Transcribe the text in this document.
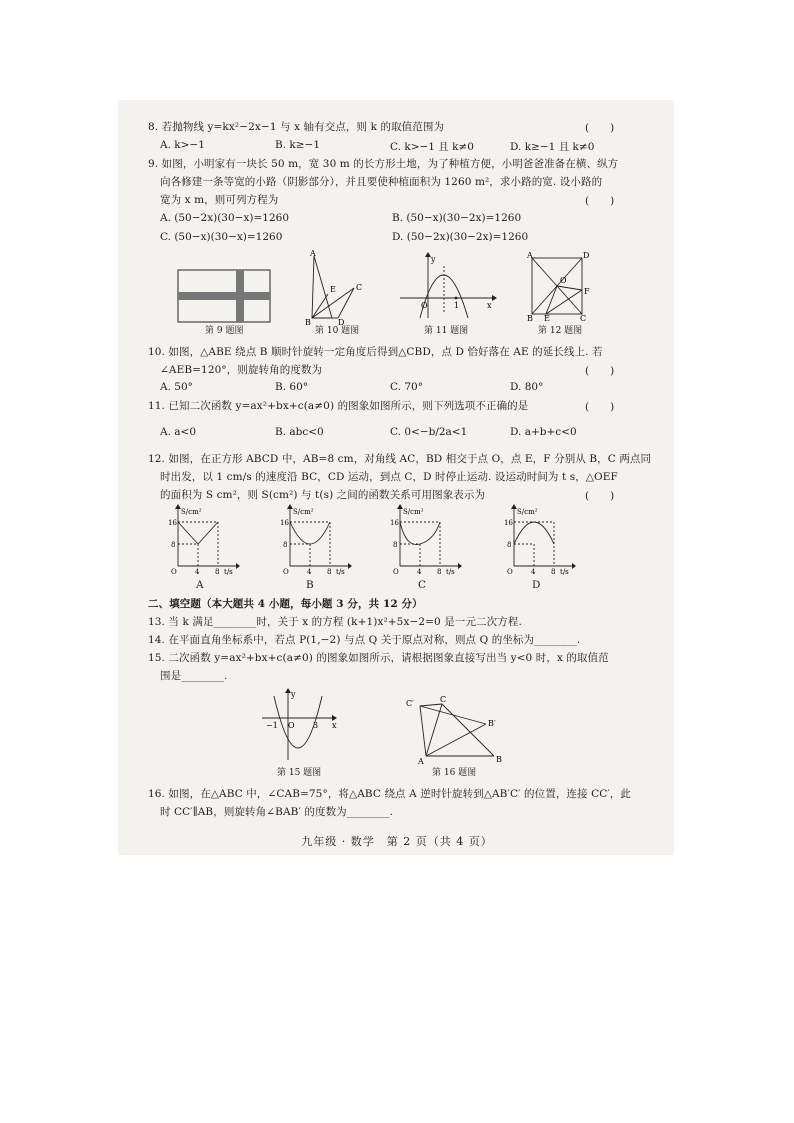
8. 若抛物线 y=kx²−2x−1 与 x 轴有交点，则 k 的取值范围为	(　　)
A. k>−1	B. k≥−1	C. k>−1 且 k≠0	D. k≥−1 且 k≠0
9. 如图，小明家有一块长 50 m，宽 30 m 的长方形土地，为了种植方便，小明爸爸准备在横、纵方
向各修建一条等宽的小路（阴影部分），并且要使种植面积为 1260 m²，求小路的宽. 设小路的
宽为 x m，则可列方程为	(　　)
A. (50−2x)(30−x)=1260	B. (50−x)(30−2x)=1260
C. (50−x)(30−x)=1260	D. (50−2x)(30−2x)=1260
第 9 题图
A
E	C
B	D
第 10 题图
y
O	1	x
第 11 题图
A	D
O
F
B E	C
第 12 题图
10. 如图，△ABE 绕点 B 顺时针旋转一定角度后得到△CBD，点 D 恰好落在 AE 的延长线上. 若
∠AEB=120°，则旋转角的度数为	(　　)
A. 50°	B. 60°	C. 70°	D. 80°
11. 已知二次函数 y=ax²+bx+c(a≠0) 的图象如图所示，则下列选项不正确的是	(　　)
A. a<0	B. abc<0	C. 0<−b/2a<1	D. a+b+c<0
12. 如图，在正方形 ABCD 中，AB=8 cm，对角线 AC，BD 相交于点 O，点 E，F 分别从 B，C 两点同
时出发，以 1 cm/s 的速度沿 BC，CD 运动，到点 C，D 时停止运动. 设运动时间为 t s，△OEF
的面积为 S cm²，则 S(cm²) 与 t(s) 之间的函数关系可用图象表示为	(　　)
S/cm²
16
8
O	4 8 t/s
A
S/cm²
16
8
O	4 8 t/s
B
S/cm²
16
8
O	4 8 t/s
C
S/cm²
16
8
O	4 8 t/s
D
二、填空题（本大题共 4 小题，每小题 3 分，共 12 分）
13. 当 k 满足________时，关于 x 的方程 (k+1)x²+5x−2=0 是一元二次方程.
14. 在平面直角坐标系中，若点 P(1,−2) 与点 Q 关于原点对称，则点 Q 的坐标为________.
15. 二次函数 y=ax²+bx+c(a≠0) 的图象如图所示，请根据图象直接写出当 y<0 时，x 的取值范
围是________.
y
−1 O 3 x
第 15 题图
C′	C
B′
A	B
第 16 题图
16. 如图，在△ABC 中，∠CAB=75°，将△ABC 绕点 A 逆时针旋转到△AB′C′ 的位置，连接 CC′，此
时 CC′∥AB，则旋转角∠BAB′ 的度数为________.
九年级 · 数学　第 2 页（共 4 页）
